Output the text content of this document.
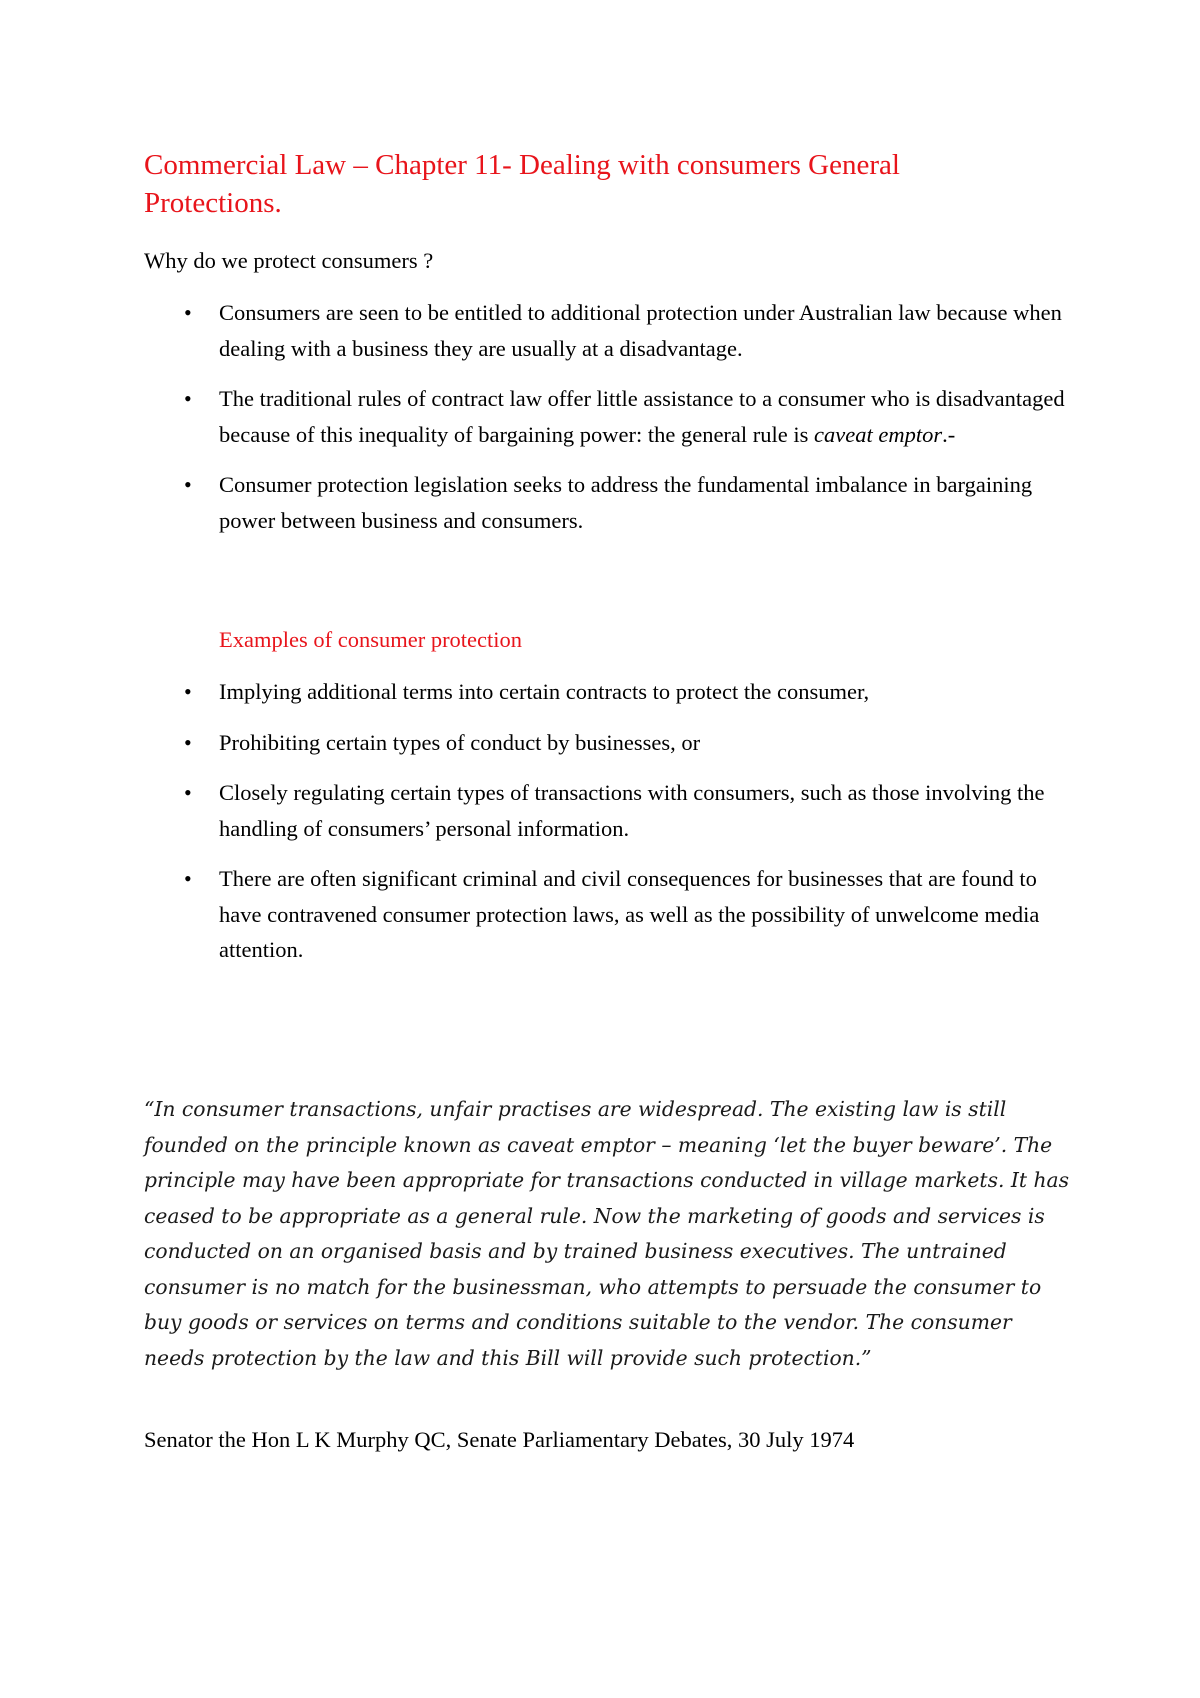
Commercial Law – Chapter 11- Dealing with consumers General Protections.

Why do we protect consumers ?

• Consumers are seen to be entitled to additional protection under Australian law because when dealing with a business they are usually at a disadvantage.
• The traditional rules of contract law offer little assistance to a consumer who is disadvantaged because of this inequality of bargaining power: the general rule is caveat emptor.-
• Consumer protection legislation seeks to address the fundamental imbalance in bargaining power between business and consumers.
Examples of consumer protection
• Implying additional terms into certain contracts to protect the consumer,
• Prohibiting certain types of conduct by businesses, or
• Closely regulating certain types of transactions with consumers, such as those involving the handling of consumers’ personal information.
• There are often significant criminal and civil consequences for businesses that are found to have contravened consumer protection laws, as well as the possibility of unwelcome media attention.

“In consumer transactions, unfair practises are widespread. The existing law is still founded on the principle known as caveat emptor – meaning ‘let the buyer beware’. The principle may have been appropriate for transactions conducted in village markets. It has ceased to be appropriate as a general rule. Now the marketing of goods and services is conducted on an organised basis and by trained business executives. The untrained consumer is no match for the businessman, who attempts to persuade the consumer to buy goods or services on terms and conditions suitable to the vendor. The consumer needs protection by the law and this Bill will provide such protection.”

Senator the Hon L K Murphy QC, Senate Parliamentary Debates, 30 July 1974
